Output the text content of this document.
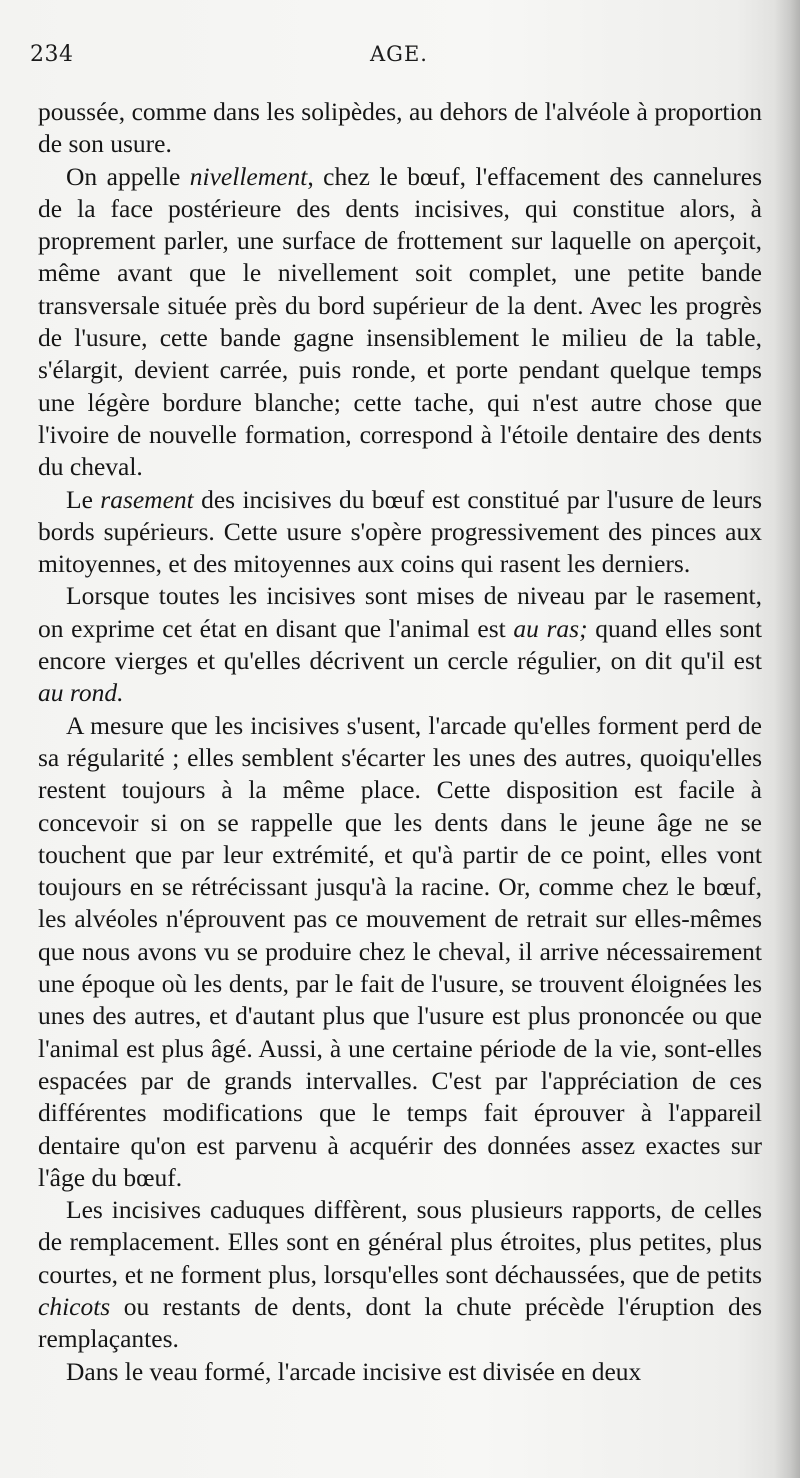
234	AGE.

poussée, comme dans les solipèdes, au dehors de l'alvéole à proportion de son usure.

On appelle nivellement, chez le bœuf, l'effacement des cannelures de la face postérieure des dents incisives, qui constitue alors, à proprement parler, une surface de frottement sur laquelle on aperçoit, même avant que le nivellement soit complet, une petite bande transversale située près du bord supérieur de la dent. Avec les progrès de l'usure, cette bande gagne insensiblement le milieu de la table, s'élargit, devient carrée, puis ronde, et porte pendant quelque temps une légère bordure blanche; cette tache, qui n'est autre chose que l'ivoire de nouvelle formation, correspond à l'étoile dentaire des dents du cheval.

Le rasement des incisives du bœuf est constitué par l'usure de leurs bords supérieurs. Cette usure s'opère progressivement des pinces aux mitoyennes, et des mitoyennes aux coins qui rasent les derniers.

Lorsque toutes les incisives sont mises de niveau par le rasement, on exprime cet état en disant que l'animal est au ras; quand elles sont encore vierges et qu'elles décrivent un cercle régulier, on dit qu'il est au rond.

A mesure que les incisives s'usent, l'arcade qu'elles forment perd de sa régularité ; elles semblent s'écarter les unes des autres, quoiqu'elles restent toujours à la même place. Cette disposition est facile à concevoir si on se rappelle que les dents dans le jeune âge ne se touchent que par leur extrémité, et qu'à partir de ce point, elles vont toujours en se rétrécissant jusqu'à la racine. Or, comme chez le bœuf, les alvéoles n'éprouvent pas ce mouvement de retrait sur elles-mêmes que nous avons vu se produire chez le cheval, il arrive nécessairement une époque où les dents, par le fait de l'usure, se trouvent éloignées les unes des autres, et d'autant plus que l'usure est plus prononcée ou que l'animal est plus âgé. Aussi, à une certaine période de la vie, sont-elles espacées par de grands intervalles. C'est par l'appréciation de ces différentes modifications que le temps fait éprouver à l'appareil dentaire qu'on est parvenu à acquérir des données assez exactes sur l'âge du bœuf.

Les incisives caduques diffèrent, sous plusieurs rapports, de celles de remplacement. Elles sont en général plus étroites, plus petites, plus courtes, et ne forment plus, lorsqu'elles sont déchaussées, que de petits chicots ou restants de dents, dont la chute précède l'éruption des remplaçantes.

Dans le veau formé, l'arcade incisive est divisée en deux
